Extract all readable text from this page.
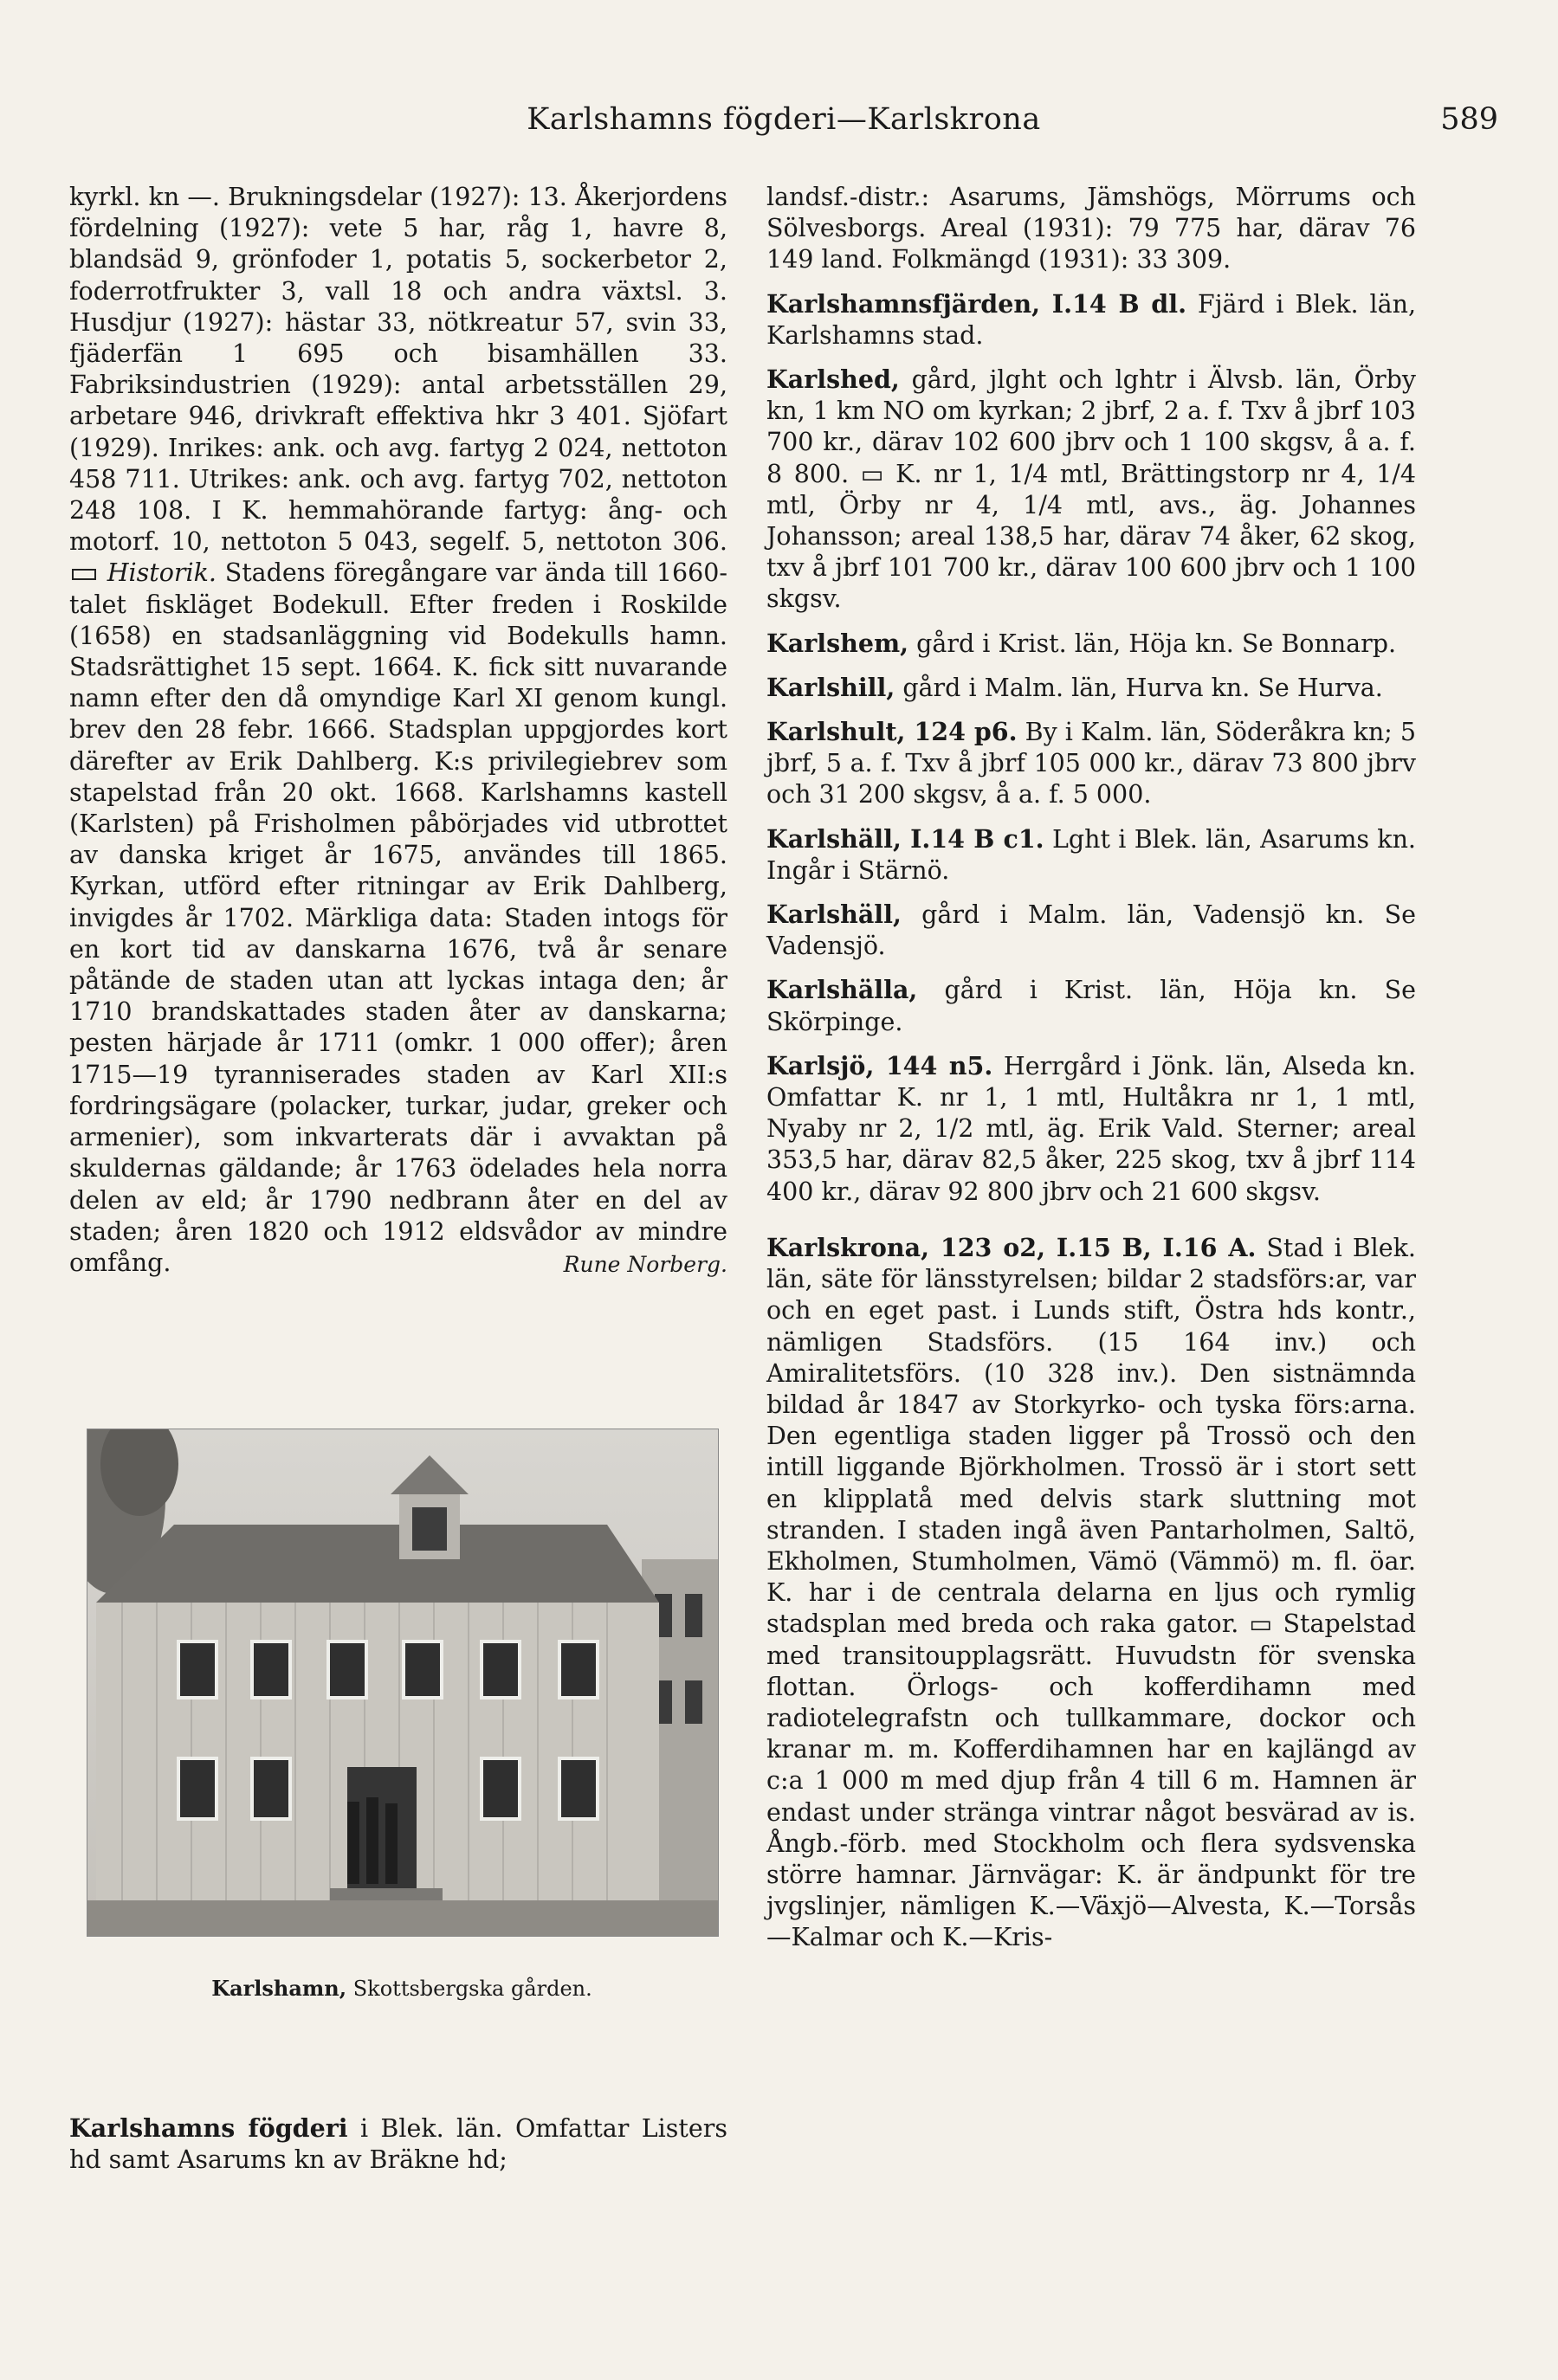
Karlshamns fögderi—Karlskrona	589

kyrkl. kn —. Brukningsdelar (1927): 13. Åkerjordens fördelning (1927): vete 5 har, råg 1, havre 8, blandsäd 9, grönfoder 1, potatis 5, sockerbetor 2, foderrotfrukter 3, vall 18 och andra växtsl. 3. Husdjur (1927): hästar 33, nötkreatur 57, svin 33, fjäderfän 1 695 och bisamhällen 33. Fabriksindustrien (1929): antal arbetsställen 29, arbetare 946, drivkraft effektiva hkr 3 401. Sjöfart (1929). Inrikes: ank. och avg. fartyg 2 024, nettoton 458 711. Utrikes: ank. och avg. fartyg 702, nettoton 248 108. I K. hemmahörande fartyg: ång- och motorf. 10, nettoton 5 043, segelf. 5, nettoton 306.  Historik. Stadens föregångare var ända till 1660-talet fiskläget Bodekull. Efter freden i Roskilde (1658) en stadsanläggning vid Bodekulls hamn. Stadsrättighet 15 sept. 1664. K. fick sitt nuvarande namn efter den då omyndige Karl XI genom kungl. brev den 28 febr. 1666. Stadsplan uppgjordes kort därefter av Erik Dahlberg. K:s privilegiebrev som stapelstad från 20 okt. 1668. Karlshamns kastell (Karlsten) på Frisholmen påbörjades vid utbrottet av danska kriget år 1675, användes till 1865. Kyrkan, utförd efter ritningar av Erik Dahlberg, invigdes år 1702. Märkliga data: Staden intogs för en kort tid av danskarna 1676, två år senare påtände de staden utan att lyckas intaga den; år 1710 brandskattades staden åter av danskarna; pesten härjade år 1711 (omkr. 1 000 offer); åren 1715—19 tyranniserades staden av Karl XII:s fordringsägare (polacker, turkar, judar, greker och armenier), som inkvarterats där i avvaktan på skuldernas gäldande; år 1763 ödelades hela norra delen av eld; år 1790 nedbrann åter en del av staden; åren 1820 och 1912 eldsvådor av mindre omfång.	Rune Norberg.
Karlshamn, Skottsbergska gården.

Karlshamns fögderi i Blek. län. Omfattar Listers hd samt Asarums kn av Bräkne hd;

landsf.-distr.: Asarums, Jämshögs, Mörrums och Sölvesborgs. Areal (1931): 79 775 har, därav 76 149 land. Folkmängd (1931): 33 309.

Karlshamnsfjärden, I.14 B dl. Fjärd i Blek. län, Karlshamns stad.

Karlshed, gård, jlght och lghtr i Älvsb. län, Örby kn, 1 km NO om kyrkan; 2 jbrf, 2 a. f. Txv å jbrf 103 700 kr., därav 102 600 jbrv och 1 100 skgsv, å a. f. 8 800. ▭ K. nr 1, 1/4 mtl, Brättingstorp nr 4, 1/4 mtl, Örby nr 4, 1/4 mtl, avs., äg. Johannes Johansson; areal 138,5 har, därav 74 åker, 62 skog, txv å jbrf 101 700 kr., därav 100 600 jbrv och 1 100 skgsv.

Karlshem, gård i Krist. län, Höja kn. Se Bonnarp.

Karlshill, gård i Malm. län, Hurva kn. Se Hurva.

Karlshult, 124 p6. By i Kalm. län, Söderåkra kn; 5 jbrf, 5 a. f. Txv å jbrf 105 000 kr., därav 73 800 jbrv och 31 200 skgsv, å a. f. 5 000.

Karlshäll, I.14 B c1. Lght i Blek. län, Asarums kn. Ingår i Stärnö.

Karlshäll, gård i Malm. län, Vadensjö kn. Se Vadensjö.

Karlshälla, gård i Krist. län, Höja kn. Se Skörpinge.

Karlsjö, 144 n5. Herrgård i Jönk. län, Alseda kn. Omfattar K. nr 1, 1 mtl, Hultåkra nr 1, 1 mtl, Nyaby nr 2, 1/2 mtl, äg. Erik Vald. Sterner; areal 353,5 har, därav 82,5 åker, 225 skog, txv å jbrf 114 400 kr., därav 92 800 jbrv och 21 600 skgsv.

Karlskrona, 123 o2, I.15 B, I.16 A. Stad i Blek. län, säte för länsstyrelsen; bildar 2 stadsförs:ar, var och en eget past. i Lunds stift, Östra hds kontr., nämligen Stadsförs. (15 164 inv.) och Amiralitetsförs. (10 328 inv.). Den sistnämnda bildad år 1847 av Storkyrko- och tyska förs:arna. Den egentliga staden ligger på Trossö och den intill liggande Björkholmen. Trossö är i stort sett en klipplatå med delvis stark sluttning mot stranden. I staden ingå även Pantarholmen, Saltö, Ekholmen, Stumholmen, Vämö (Vämmö) m. fl. öar. K. har i de centrala delarna en ljus och rymlig stadsplan med breda och raka gator. ▭ Stapelstad med transitoupplagsrätt. Huvudstn för svenska flottan. Örlogs- och kofferdihamn med radiotelegrafstn och tullkammare, dockor och kranar m. m. Kofferdihamnen har en kajlängd av c:a 1 000 m med djup från 4 till 6 m. Hamnen är endast under stränga vintrar något besvärad av is. Ångb.-förb. med Stockholm och flera sydsvenska större hamnar. Järnvägar: K. är ändpunkt för tre jvgslinjer, nämligen K.—Växjö—Alvesta, K.—Torsås—Kalmar och K.—Kris-
